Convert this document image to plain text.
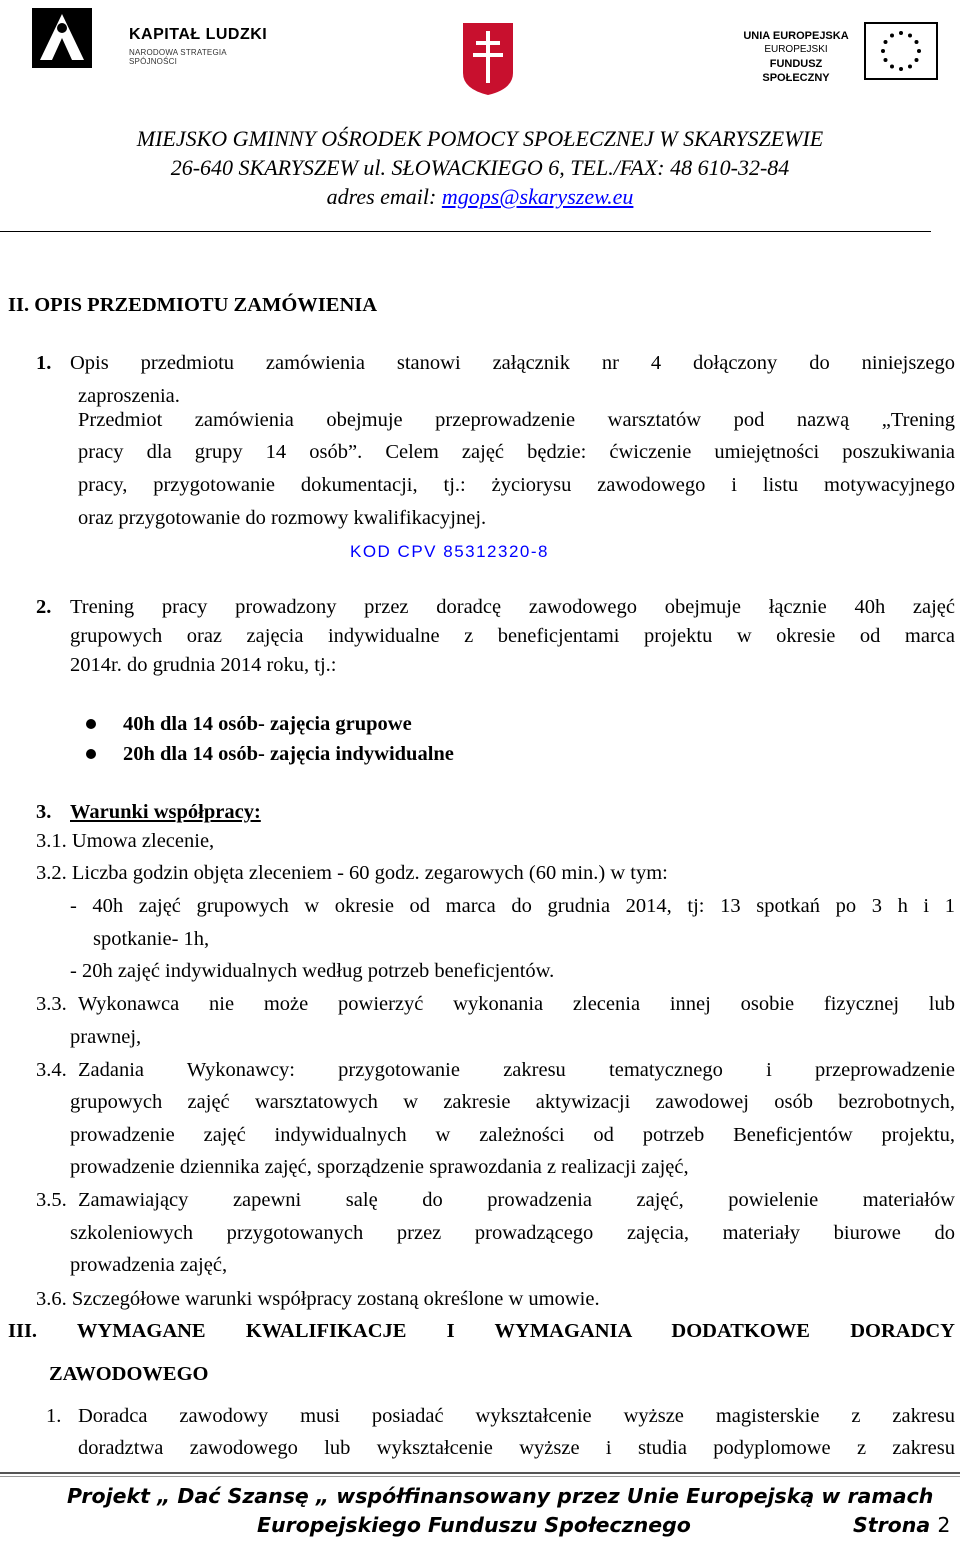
KAPITAŁ LUDZKI
NARODOWA STRATEGIA SPÓJNOŚCI
UNIA EUROPEJSKA
EUROPEJSKI
FUNDUSZ SPOŁECZNY
MIEJSKO GMINNY OŚRODEK POMOCY SPOŁECZNEJ W SKARYSZEWIE
26-640 SKARYSZEW ul. SŁOWACKIEGO 6, TEL./FAX: 48 610-32-84
adres email: mgops@skaryszew.eu
II. OPIS PRZEDMIOTU ZAMÓWIENIA
1. Opis przedmiotu zamówienia stanowi załącznik nr 4 dołączony do niniejszego
zaproszenia.
Przedmiot zamówienia obejmuje przeprowadzenie warsztatów pod nazwą „Trening
pracy dla grupy 14 osób”. Celem zajęć będzie: ćwiczenie umiejętności poszukiwania
pracy, przygotowanie dokumentacji, tj.: życiorysu zawodowego i listu motywacyjnego
oraz przygotowanie do rozmowy kwalifikacyjnej.
KOD CPV 85312320-8
2. Trening pracy prowadzony przez doradcę zawodowego obejmuje łącznie 40h zajęć
grupowych oraz zajęcia indywidualne z beneficjentami projektu w okresie od marca
2014r. do grudnia 2014 roku, tj.:
40h dla 14 osób- zajęcia grupowe
20h dla 14 osób- zajęcia indywidualne
3. Warunki współpracy:
3.1. Umowa zlecenie,
3.2. Liczba godzin objęta zleceniem - 60 godz. zegarowych (60 min.) w tym:
- 40h zajęć grupowych w okresie od marca do grudnia 2014, tj: 13 spotkań po 3 h i 1
spotkanie- 1h,
- 20h zajęć indywidualnych według potrzeb beneficjentów.
3.3. Wykonawca nie może powierzyć wykonania zlecenia innej osobie fizycznej lub
prawnej,
3.4. Zadania Wykonawcy: przygotowanie zakresu tematycznego i przeprowadzenie
grupowych zajęć warsztatowych w zakresie aktywizacji zawodowej osób bezrobotnych,
prowadzenie zajęć indywidualnych w zależności od potrzeb Beneficjentów projektu,
prowadzenie dziennika zajęć, sporządzenie sprawozdania z realizacji zajęć,
3.5. Zamawiający zapewni salę do prowadzenia zajęć, powielenie materiałów
szkoleniowych przygotowanych przez prowadzącego zajęcia, materiały biurowe do
prowadzenia zajęć,
3.6. Szczegółowe warunki współpracy zostaną określone w umowie.
III. WYMAGANE KWALIFIKACJE I WYMAGANIA DODATKOWE DORADCY
ZAWODOWEGO
1. Doradca zawodowy musi posiadać wykształcenie wyższe magisterskie z zakresu
doradztwa zawodowego lub wykształcenie wyższe i studia podyplomowe z zakresu
Projekt „ Dać Szansę „ współfinansowany przez Unie Europejską w ramach
Europejskiego Funduszu Społecznego	Strona 2
